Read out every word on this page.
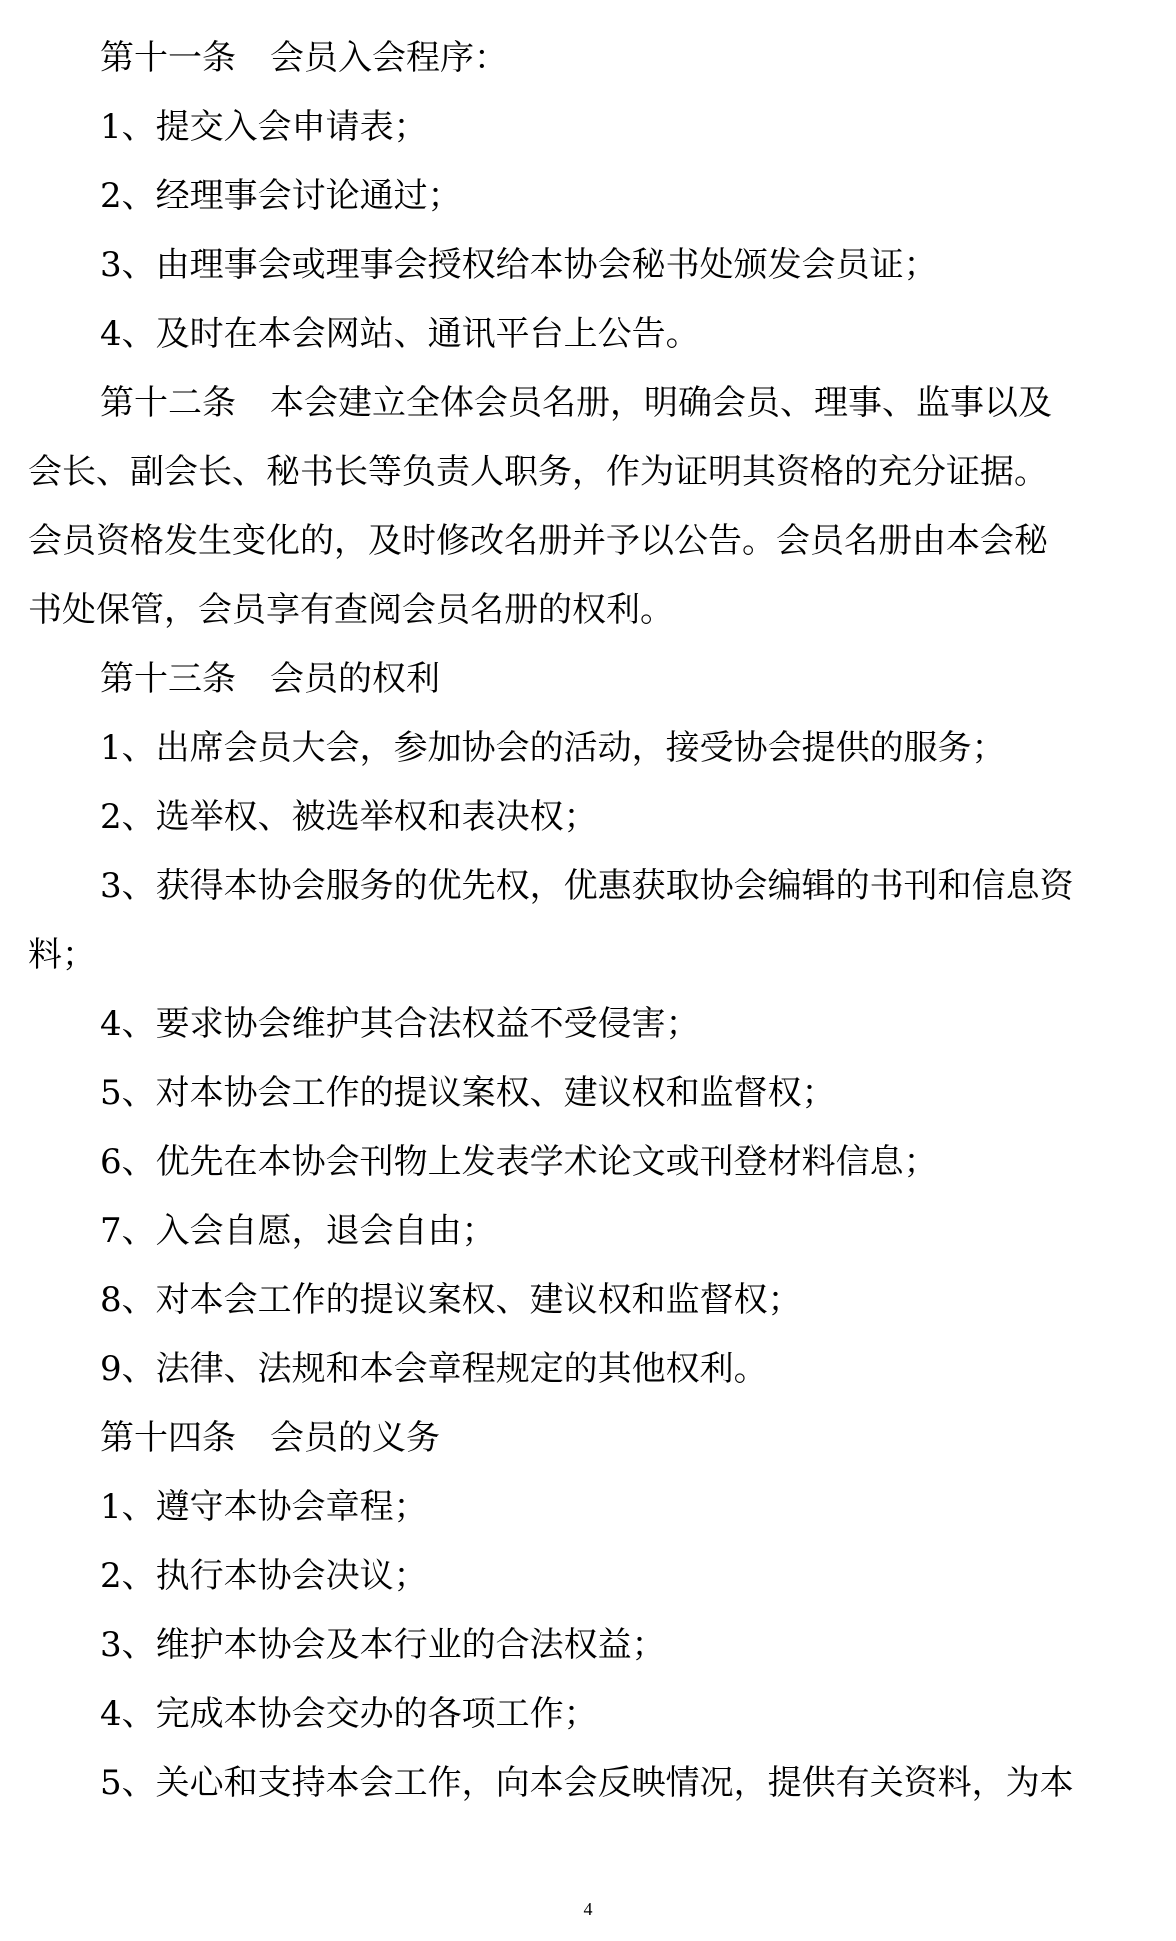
第十一条　会员入会程序：
1、提交入会申请表；
2、经理事会讨论通过；
3、由理事会或理事会授权给本协会秘书处颁发会员证；
4、及时在本会网站、通讯平台上公告。
第十二条　本会建立全体会员名册，明确会员、理事、监事以及
会长、副会长、秘书长等负责人职务，作为证明其资格的充分证据。
会员资格发生变化的，及时修改名册并予以公告。会员名册由本会秘
书处保管，会员享有查阅会员名册的权利。
第十三条　会员的权利
1、出席会员大会，参加协会的活动，接受协会提供的服务；
2、选举权、被选举权和表决权；
3、获得本协会服务的优先权，优惠获取协会编辑的书刊和信息资
料；
4、要求协会维护其合法权益不受侵害；
5、对本协会工作的提议案权、建议权和监督权；
6、优先在本协会刊物上发表学术论文或刊登材料信息；
7、入会自愿，退会自由；
8、对本会工作的提议案权、建议权和监督权；
9、法律、法规和本会章程规定的其他权利。
第十四条　会员的义务
1、遵守本协会章程；
2、执行本协会决议；
3、维护本协会及本行业的合法权益；
4、完成本协会交办的各项工作；
5、关心和支持本会工作，向本会反映情况，提供有关资料，为本
4
